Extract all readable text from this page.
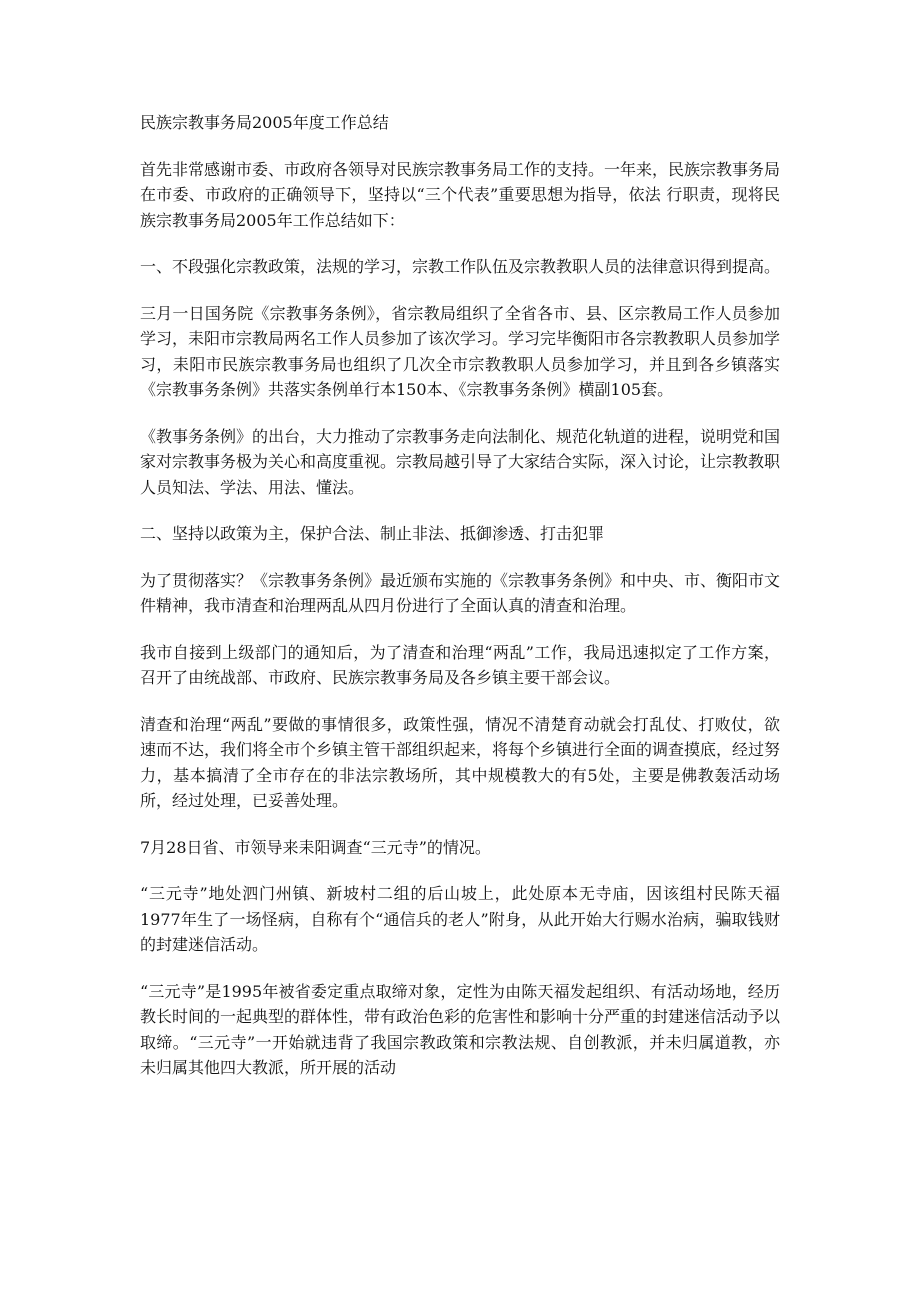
民族宗教事务局2005年度工作总结

首先非常感谢市委、市政府各领导对民族宗教事务局工作的支持。一年来，民族宗教事务局在市委、市政府的正确领导下，坚持以“三个代表”重要思想为指导，依法 行职责，现将民族宗教事务局2005年工作总结如下：

一、不段强化宗教政策，法规的学习，宗教工作队伍及宗教教职人员的法律意识得到提高。

三月一日国务院《宗教事务条例》，省宗教局组织了全省各市、县、区宗教局工作人员参加学习，耒阳市宗教局两名工作人员参加了该次学习。学习完毕衡阳市各宗教教职人员参加学习，耒阳市民族宗教事务局也组织了几次全市宗教教职人员参加学习，并且到各乡镇落实《宗教事务条例》共落实条例单行本150本、《宗教事务条例》横副105套。

《教事务条例》的出台，大力推动了宗教事务走向法制化、规范化轨道的进程，说明党和国家对宗教事务极为关心和高度重视。宗教局越引导了大家结合实际，深入讨论，让宗教教职人员知法、学法、用法、懂法。

二、坚持以政策为主，保护合法、制止非法、抵御渗透、打击犯罪

为了贯彻落实？《宗教事务条例》最近颁布实施的《宗教事务条例》和中央、市、衡阳市文件精神，我市清查和治理两乱从四月份进行了全面认真的清查和治理。

我市自接到上级部门的通知后，为了清查和治理“两乱”工作，我局迅速拟定了工作方案，召开了由统战部、市政府、民族宗教事务局及各乡镇主要干部会议。

清查和治理“两乱”要做的事情很多，政策性强，情况不清楚育动就会打乱仗、打败仗，欲速而不达，我们将全市个乡镇主管干部组织起来，将每个乡镇进行全面的调查摸底，经过努力，基本搞清了全市存在的非法宗教场所，其中规模教大的有5处，主要是佛教轰活动场所，经过处理，已妥善处理。

7月28日省、市领导来耒阳调查“三元寺”的情况。

“三元寺”地处泗门州镇、新坡村二组的后山坡上，此处原本无寺庙，因该组村民陈天福1977年生了一场怪病，自称有个“通信兵的老人”附身，从此开始大行赐水治病，骗取钱财的封建迷信活动。

“三元寺”是1995年被省委定重点取缔对象，定性为由陈天福发起组织、有活动场地，经历教长时间的一起典型的群体性，带有政治色彩的危害性和影响十分严重的封建迷信活动予以取缔。“三元寺”一开始就违背了我国宗教政策和宗教法规、自创教派，并未归属道教，亦未归属其他四大教派，所开展的活动
